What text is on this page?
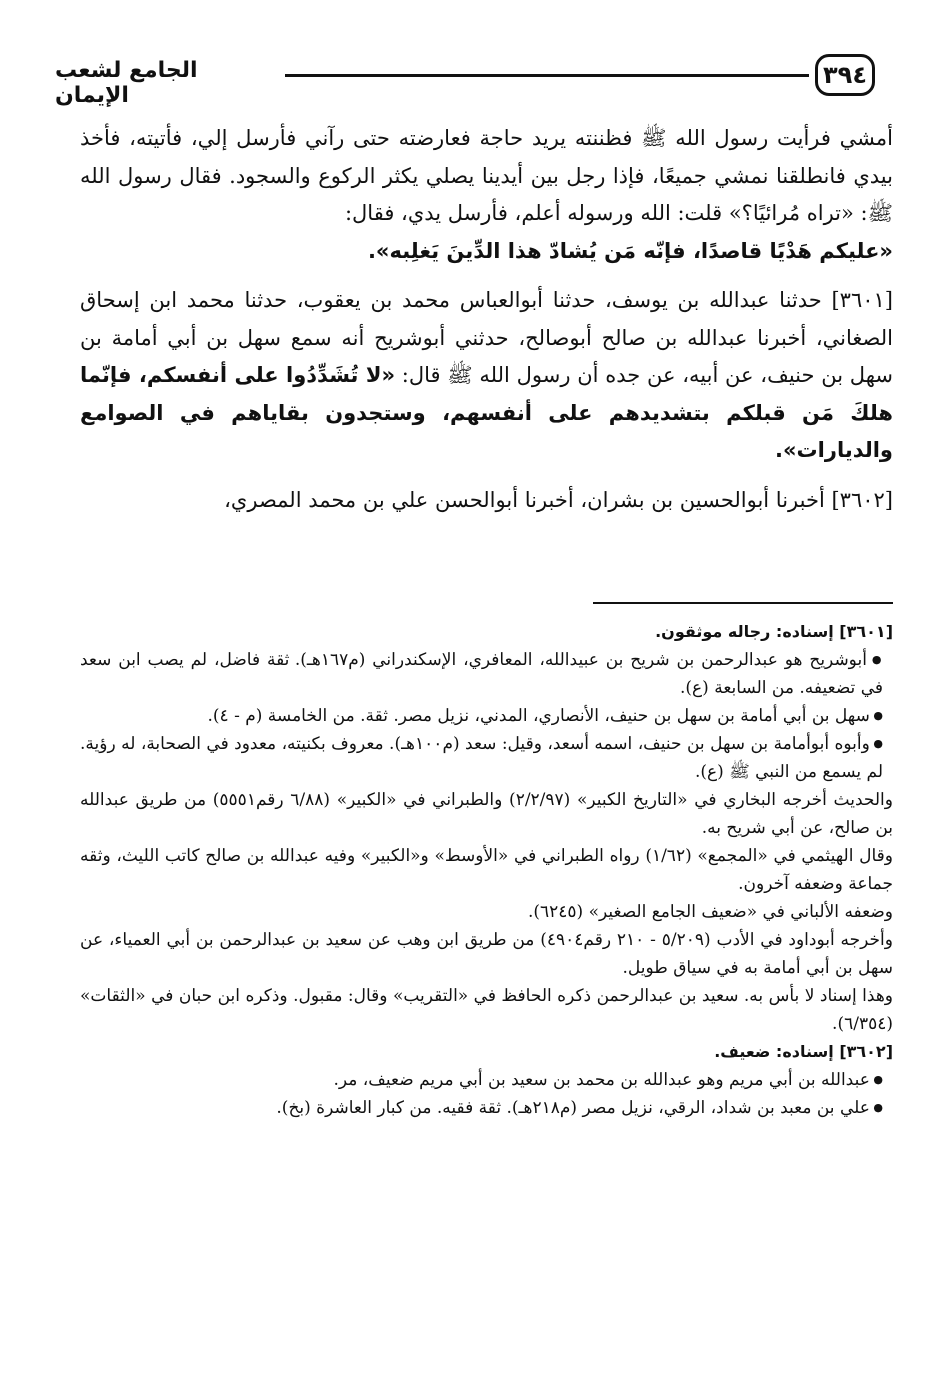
٣٩٤
الجامع لشعب الإيمان

أمشي فرأيت رسول الله ﷺ فظننته يريد حاجة فعارضته حتى رآني فأرسل إلي، فأتيته، فأخذ بيدي فانطلقنا نمشي جميعًا، فإذا رجل بين أيدينا يصلي يكثر الركوع والسجود. فقال رسول الله ﷺ: «تراه مُرائيًا؟» قلت: الله ورسوله أعلم، فأرسل يدي، فقال:
«عليكم هَدْيًا قاصدًا، فإنّه مَن يُشادّ هذا الدِّينَ يَغلِبه».

[٣٦٠١] حدثنا عبدالله بن يوسف، حدثنا أبوالعباس محمد بن يعقوب، حدثنا محمد ابن إسحاق الصغاني، أخبرنا عبدالله بن صالح أبوصالح، حدثني أبوشريح أنه سمع سهل بن أبي أمامة بن سهل بن حنيف، عن أبيه، عن جده أن رسول الله ﷺ قال: «لا تُشَدِّدُوا على أنفسكم، فإنّما هلكَ مَن قبلكم بتشديدهم على أنفسهم، وستجدون بقاياهم في الصوامع والديارات».

[٣٦٠٢] أخبرنا أبوالحسين بن بشران، أخبرنا أبوالحسن علي بن محمد المصري،

[٣٦٠١] إسناده: رجاله موثقون.

● أبوشريح هو عبدالرحمن بن شريح بن عبيدالله، المعافري، الإسكندراني (م١٦٧هـ). ثقة فاضل، لم يصب ابن سعد في تضعيفه. من السابعة (ع).

● سهل بن أبي أمامة بن سهل بن حنيف، الأنصاري، المدني، نزيل مصر. ثقة. من الخامسة (م - ٤).

● وأبوه أبوأمامة بن سهل بن حنيف، اسمه أسعد، وقيل: سعد (م١٠٠هـ). معروف بكنيته، معدود في الصحابة، له رؤية. لم يسمع من النبي ﷺ (ع).

والحديث أخرجه البخاري في «التاريخ الكبير» (٢/٢/٩٧) والطبراني في «الكبير» (٦/٨٨ رقم٥٥٥١) من طريق عبدالله بن صالح، عن أبي شريح به.

وقال الهيثمي في «المجمع» (١/٦٢) رواه الطبراني في «الأوسط» و«الكبير» وفيه عبدالله بن صالح كاتب الليث، وثقه جماعة وضعفه آخرون.

وضعفه الألباني في «ضعيف الجامع الصغير» (٦٢٤٥).

وأخرجه أبوداود في الأدب (٥/٢٠٩ - ٢١٠ رقم٤٩٠٤) من طريق ابن وهب عن سعيد بن عبدالرحمن بن أبي العمياء، عن سهل بن أبي أمامة به في سياق طويل.

وهذا إسناد لا بأس به. سعيد بن عبدالرحمن ذكره الحافظ في «التقريب» وقال: مقبول. وذكره ابن حبان في «الثقات» (٦/٣٥٤).

[٣٦٠٢] إسناده: ضعيف.

● عبدالله بن أبي مريم وهو عبدالله بن محمد بن سعيد بن أبي مريم ضعيف، مر.

● علي بن معبد بن شداد، الرقي، نزيل مصر (م٢١٨هـ). ثقة فقيه. من كبار العاشرة (بخ).
